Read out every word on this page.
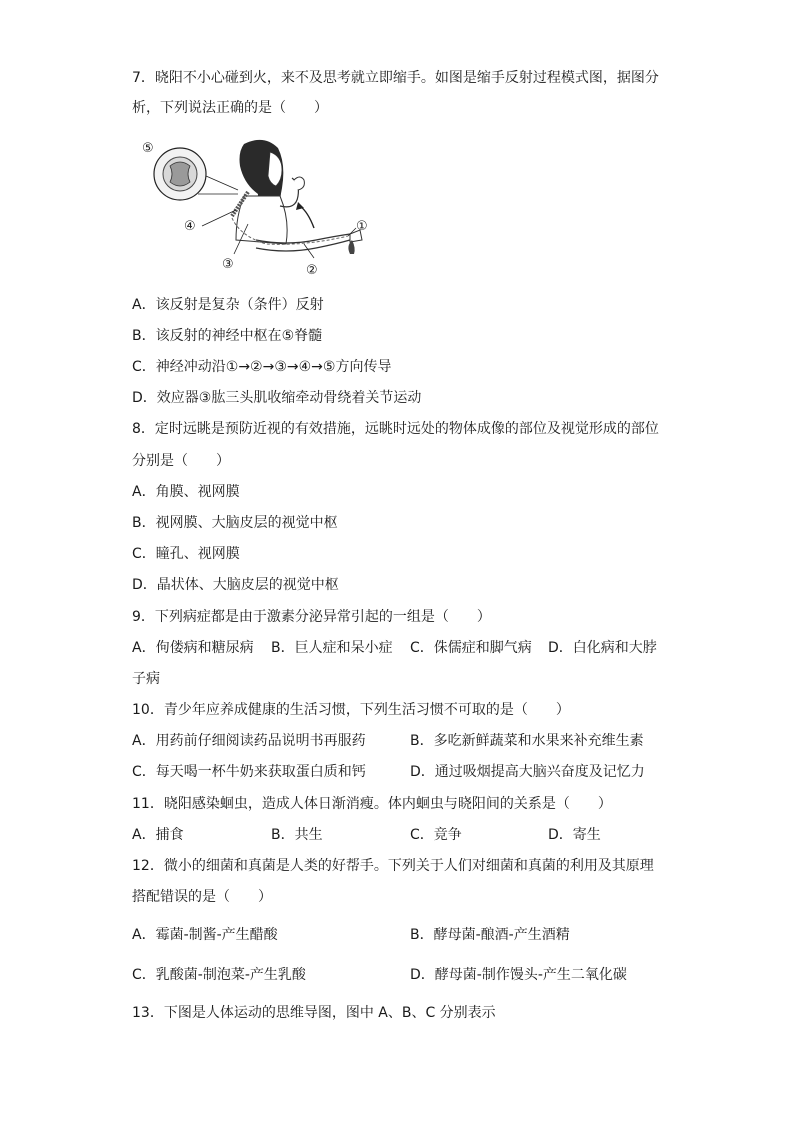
7．晓阳不小心碰到火，来不及思考就立即缩手。如图是缩手反射过程模式图，据图分
析，下列说法正确的是（　　）
⑤
④
③	②
①
A．该反射是复杂（条件）反射
B．该反射的神经中枢在⑤脊髓
C．神经冲动沿①→②→③→④→⑤方向传导
D．效应器③肱三头肌收缩牵动骨绕着关节运动
8．定时远眺是预防近视的有效措施，远眺时远处的物体成像的部位及视觉形成的部位
分别是（　　）
A．角膜、视网膜
B．视网膜、大脑皮层的视觉中枢
C．瞳孔、视网膜
D．晶状体、大脑皮层的视觉中枢
9．下列病症都是由于激素分泌异常引起的一组是（　　）
A．佝偻病和糖尿病 B．巨人症和呆小症 C．侏儒症和脚气病 D．白化病和大脖
子病
10．青少年应养成健康的生活习惯，下列生活习惯不可取的是（　　）
A．用药前仔细阅读药品说明书再服药	B．多吃新鲜蔬菜和水果来补充维生素
C．每天喝一杯牛奶来获取蛋白质和钙	D．通过吸烟提高大脑兴奋度及记忆力
11．晓阳感染蛔虫，造成人体日渐消瘦。体内蛔虫与晓阳间的关系是（　　）
A．捕食	B．共生	C．竞争	D．寄生
12．微小的细菌和真菌是人类的好帮手。下列关于人们对细菌和真菌的利用及其原理
搭配错误的是（　　）
A．霉菌-制酱-产生醋酸	B．酵母菌-酿酒-产生酒精
C．乳酸菌-制泡菜-产生乳酸	D．酵母菌-制作馒头-产生二氧化碳
13．下图是人体运动的思维导图，图中 A、B、C 分别表示
